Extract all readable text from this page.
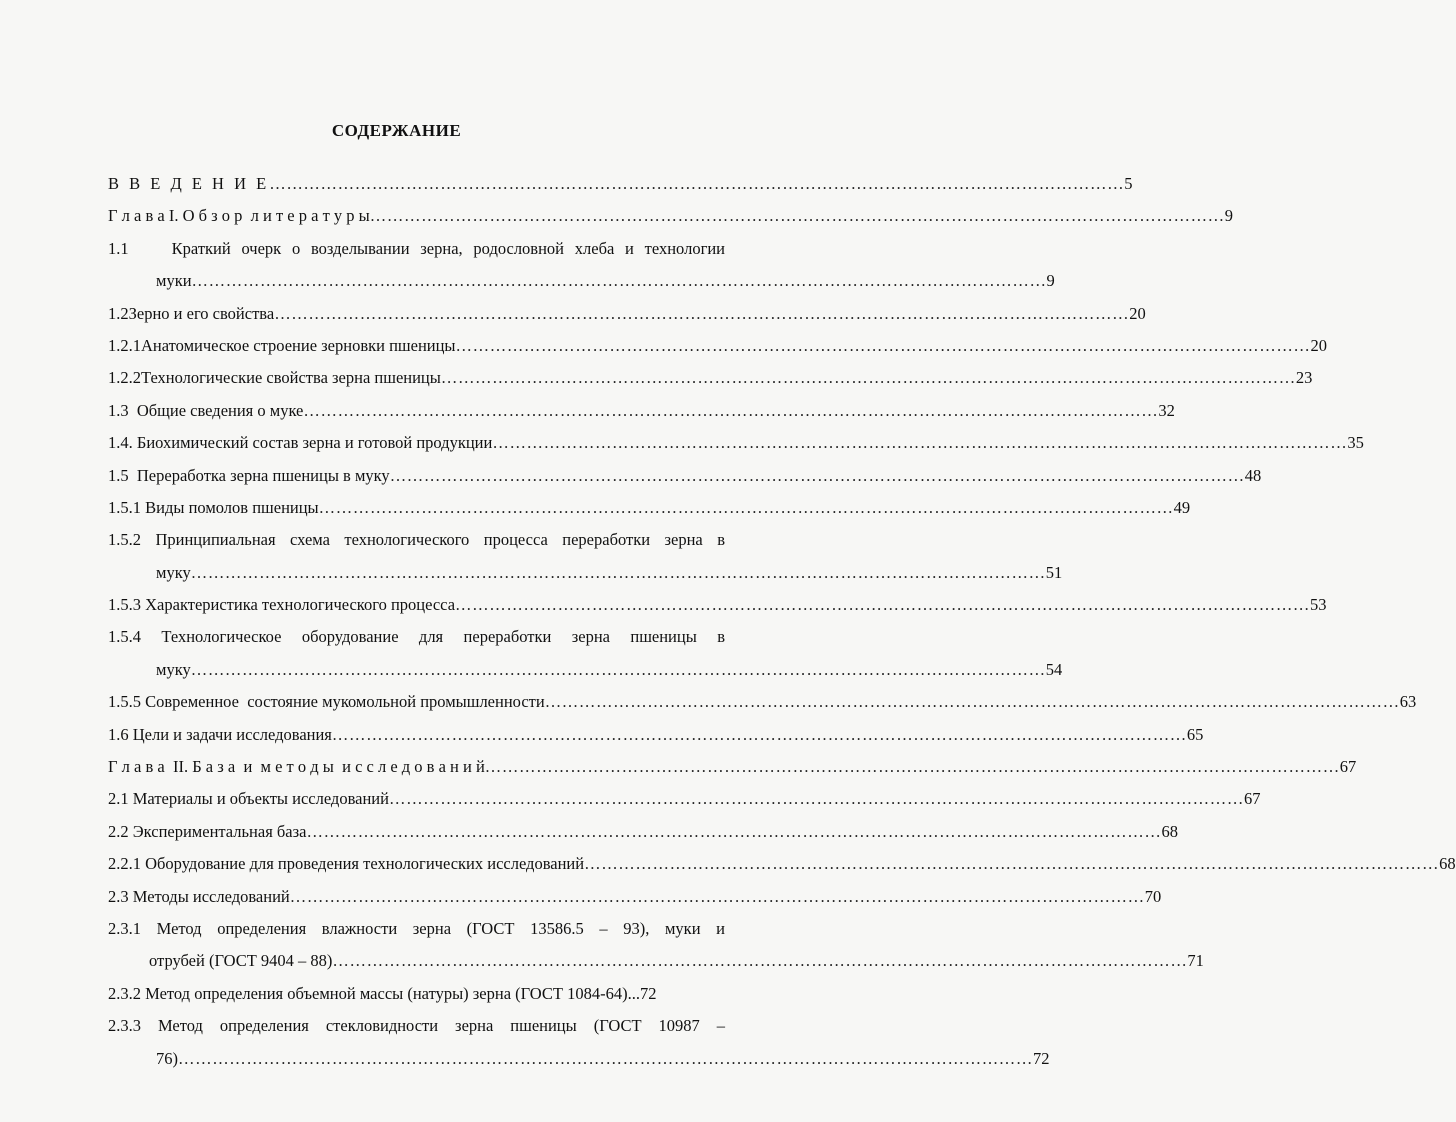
СОДЕРЖАНИЕ
В В Е Д Е Н И Е ……………………………………………………………………………………………………………………………………	5
Г л а в а I. О б з о р  л и т е р а т у р ы ……………………………………………………………………………………………………………………………………	9
1.1	Краткий очерк о возделывании зерна, родословной хлеба и технологии
муки ……………………………………………………………………………………………………………………………………	9
1.2 Зерно и его свойства ……………………………………………………………………………………………………………………………………	20
1.2.1 Анатомическое строение зерновки пшеницы ……………………………………………………………………………………………………………………………………	20
1.2.2 Технологические свойства зерна пшеницы ……………………………………………………………………………………………………………………………………	23
1.3  Общие сведения о муке ……………………………………………………………………………………………………………………………………	32
1.4. Биохимический состав зерна и готовой продукции ……………………………………………………………………………………………………………………………………	35
1.5  Переработка зерна пшеницы в муку ……………………………………………………………………………………………………………………………………	48
1.5.1 Виды помолов пшеницы ……………………………………………………………………………………………………………………………………	49
1.5.2 Принципиальная схема технологического процесса переработки зерна в
муку ……………………………………………………………………………………………………………………………………	51
1.5.3 Характеристика технологического процесса ……………………………………………………………………………………………………………………………………	53
1.5.4 Технологическое оборудование для переработки зерна пшеницы в
муку ……………………………………………………………………………………………………………………………………	54
1.5.5 Современное  состояние мукомольной промышленности ……………………………………………………………………………………………………………………………………	63
1.6 Цели и задачи исследования ……………………………………………………………………………………………………………………………………	65
Г л а в а  II. Б а з а  и  м е т о д ы  и с с л е д о в а н и й ……………………………………………………………………………………………………………………………………	67
2.1 Материалы и объекты исследований ……………………………………………………………………………………………………………………………………	67
2.2 Экспериментальная база ……………………………………………………………………………………………………………………………………	68
2.2.1 Оборудование для проведения технологических исследований ……………………………………………………………………………………………………………………………………	68
2.3 Методы исследований ……………………………………………………………………………………………………………………………………	70
2.3.1 Метод определения влажности зерна (ГОСТ 13586.5 – 93), муки и
отрубей (ГОСТ 9404 – 88) ……………………………………………………………………………………………………………………………………	71
2.3.2 Метод определения объемной массы (натуры) зерна (ГОСТ 1084-64)... 72
2.3.3 Метод определения стекловидности зерна пшеницы (ГОСТ 10987 –
76) ……………………………………………………………………………………………………………………………………	72
